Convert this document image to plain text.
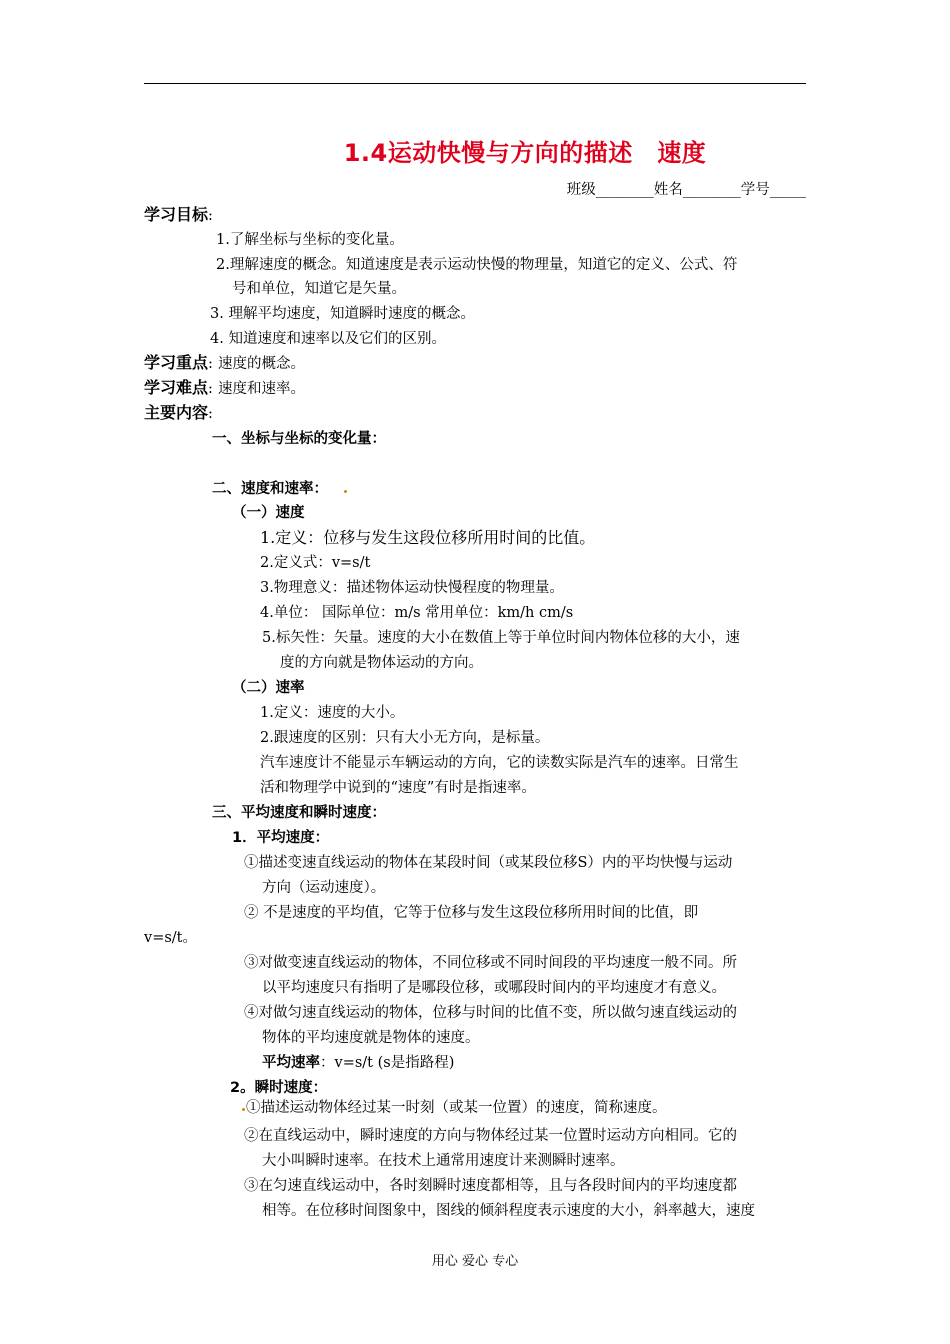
1.4运动快慢与方向的描述　速度
班级________姓名________学号_____
学习目标:
1.了解坐标与坐标的变化量。
2.理解速度的概念。知道速度是表示运动快慢的物理量，知道它的定义、公式、符
号和单位，知道它是矢量。
3. 理解平均速度，知道瞬时速度的概念。
4. 知道速度和速率以及它们的区别。
学习重点: 速度的概念。
学习难点: 速度和速率。
主要内容:
一、坐标与坐标的变化量：
二、速度和速率：
（一）速度
1.定义：位移与发生这段位移所用时间的比值。
2.定义式：v=s/t
3.物理意义：描述物体运动快慢程度的物理量。
4.单位： 国际单位：m/s 常用单位：km/h cm/s
5.标矢性：矢量。速度的大小在数值上等于单位时间内物体位移的大小，速
度的方向就是物体运动的方向。
（二）速率
1.定义：速度的大小。
2.跟速度的区别：只有大小无方向，是标量。
汽车速度计不能显示车辆运动的方向，它的读数实际是汽车的速率。日常生
活和物理学中说到的“速度”有时是指速率。
三、平均速度和瞬时速度：
1．平均速度：
①描述变速直线运动的物体在某段时间（或某段位移S）内的平均快慢与运动
方向（运动速度）。
② 不是速度的平均值，它等于位移与发生这段位移所用时间的比值，即
v=s/t。
③对做变速直线运动的物体，不同位移或不同时间段的平均速度一般不同。所
以平均速度只有指明了是哪段位移，或哪段时间内的平均速度才有意义。
④对做匀速直线运动的物体，位移与时间的比值不变，所以做匀速直线运动的
物体的平均速度就是物体的速度。
平均速率：v=s/t (s是指路程)
2。瞬时速度：
①描述运动物体经过某一时刻（或某一位置）的速度，简称速度。
②在直线运动中，瞬时速度的方向与物体经过某一位置时运动方向相同。它的
大小叫瞬时速率。在技术上通常用速度计来测瞬时速率。
③在匀速直线运动中，各时刻瞬时速度都相等，且与各段时间内的平均速度都
相等。在位移时间图象中，图线的倾斜程度表示速度的大小，斜率越大，速度
用心 爱心 专心
